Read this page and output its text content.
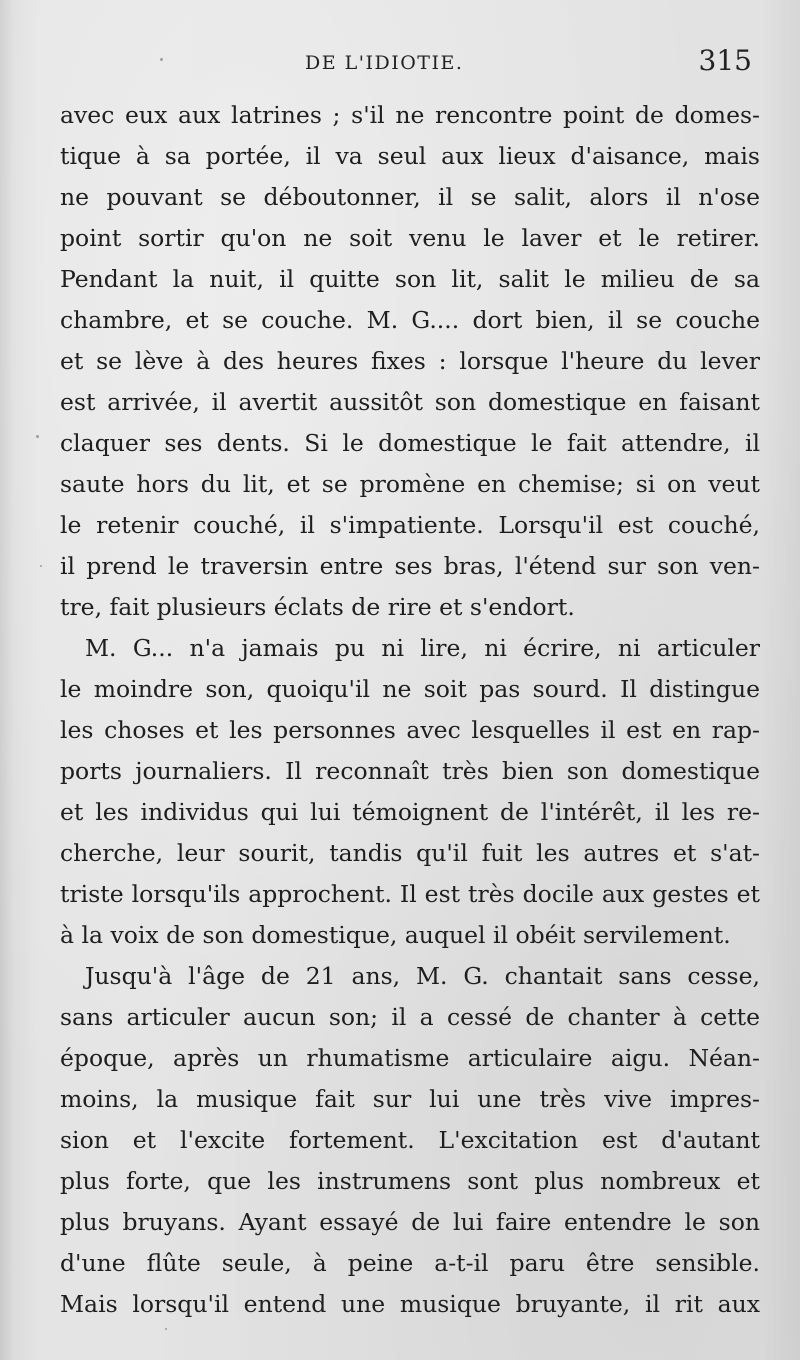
DE L'IDIOTIE.	315
avec eux aux latrines ; s'il ne rencontre point de domes-
tique à sa portée, il va seul aux lieux d'aisance, mais
ne pouvant se déboutonner, il se salit, alors il n'ose
point sortir qu'on ne soit venu le laver et le retirer.
Pendant la nuit, il quitte son lit, salit le milieu de sa
chambre, et se couche. M. G.... dort bien, il se couche
et se lève à des heures fixes : lorsque l'heure du lever
est arrivée, il avertit aussitôt son domestique en faisant
claquer ses dents. Si le domestique le fait attendre, il
saute hors du lit, et se promène en chemise; si on veut
le retenir couché, il s'impatiente. Lorsqu'il est couché,
il prend le traversin entre ses bras, l'étend sur son ven-
tre, fait plusieurs éclats de rire et s'endort.
M. G... n'a jamais pu ni lire, ni écrire, ni articuler
le moindre son, quoiqu'il ne soit pas sourd. Il distingue
les choses et les personnes avec lesquelles il est en rap-
ports journaliers. Il reconnaît très bien son domestique
et les individus qui lui témoignent de l'intérêt, il les re-
cherche, leur sourit, tandis qu'il fuit les autres et s'at-
triste lorsqu'ils approchent. Il est très docile aux gestes et
à la voix de son domestique, auquel il obéit servilement.
Jusqu'à l'âge de 21 ans, M. G. chantait sans cesse,
sans articuler aucun son; il a cessé de chanter à cette
époque, après un rhumatisme articulaire aigu. Néan-
moins, la musique fait sur lui une très vive impres-
sion et l'excite fortement. L'excitation est d'autant
plus forte, que les instrumens sont plus nombreux et
plus bruyans. Ayant essayé de lui faire entendre le son
d'une flûte seule, à peine a-t-il paru être sensible.
Mais lorsqu'il entend une musique bruyante, il rit aux
